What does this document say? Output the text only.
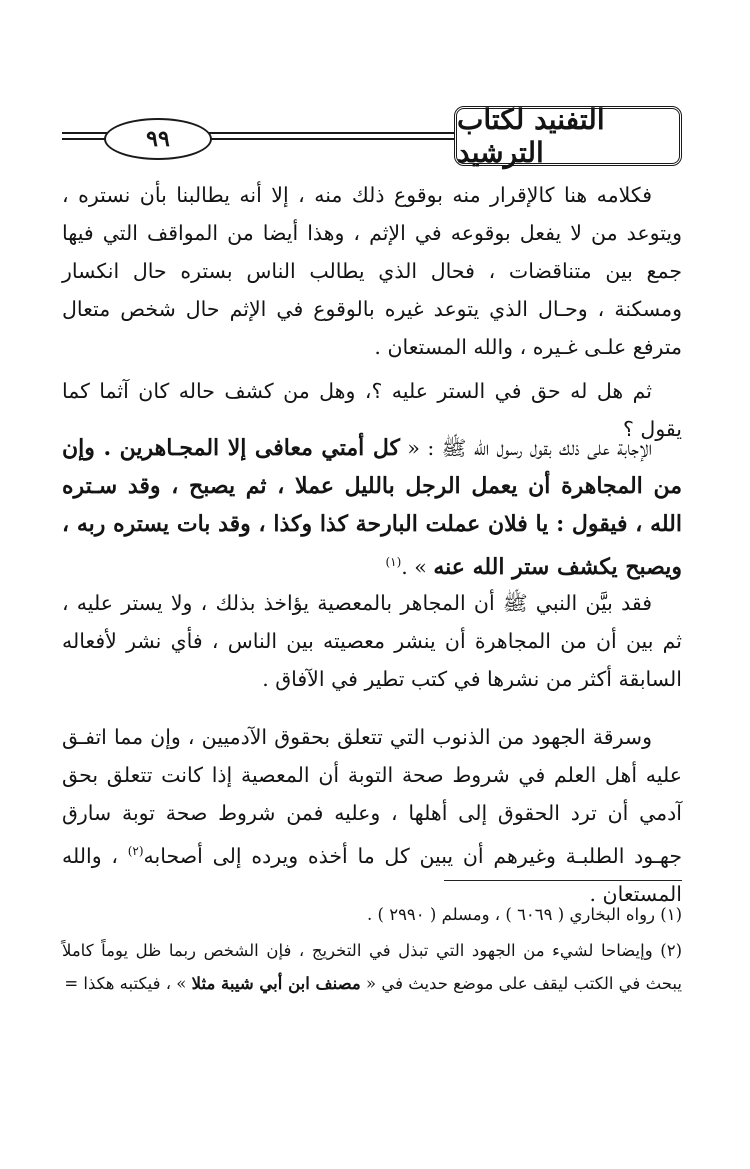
٩٩
التفنيد لكتاب الترشيد

فكلامه هنا كالإقرار منه بوقوع ذلك منه ، إلا أنه يطالبنا بأن نستره ، ويتوعد من لا يفعل بوقوعه في الإثم ، وهذا أيضا من المواقف التي فيها جمع بين متناقضات ، فحال الذي يطالب الناس بستره حال انكسار ومسكنة ، وحـال الذي يتوعد غيره بالوقوع في الإثم حال شخص متعال مترفع علـى غـيره ، والله المستعان .

ثم هل له حق في الستر عليه ؟، وهل من كشف حاله كان آثما كما يقول ؟

الإجابة على ذلك بقول رسول الله ﷺ : « كل أمتي معافى إلا المجـاهرين . وإن من المجاهرة أن يعمل الرجل بالليل عملا ، ثم يصبح ، وقد سـتره الله ، فيقول : يا فلان عملت البارحة كذا وكذا ، وقد بات يستره ربه ، ويصبح يكشف ستر الله عنه » .$^{(١)}$

فقد بيَّن النبي ﷺ أن المجاهر بالمعصية يؤاخذ بذلك ، ولا يستر عليه ، ثم بين أن من المجاهرة أن ينشر معصيته بين الناس ، فأي نشر لأفعاله السابقة أكثر من نشرها في كتب تطير في الآفاق .

وسرقة الجهود من الذنوب التي تتعلق بحقوق الآدميين ، وإن مما اتفـق عليه أهل العلم في شروط صحة التوبة أن المعصية إذا كانت تتعلق بحق آدمي أن ترد الحقوق إلى أهلها ، وعليه فمن شروط صحة توبة سارق جهـود الطلبـة وغيرهم أن يبين كل ما أخذه ويرده إلى أصحابه$^{(٢)}$ ، والله المستعان .

(١) رواه البخاري ( ٦٠٦٩ ) ، ومسلم ( ٢٩٩٠ ) .
(٢) وإيضاحا لشيء من الجهود التي تبذل في التخريج ، فإن الشخص ربما ظل يوماً كاملاً يبحث في الكتب ليقف على موضع حديث في « مصنف ابن أبي شيبة مثلا » ، فيكتبه هكذا =
